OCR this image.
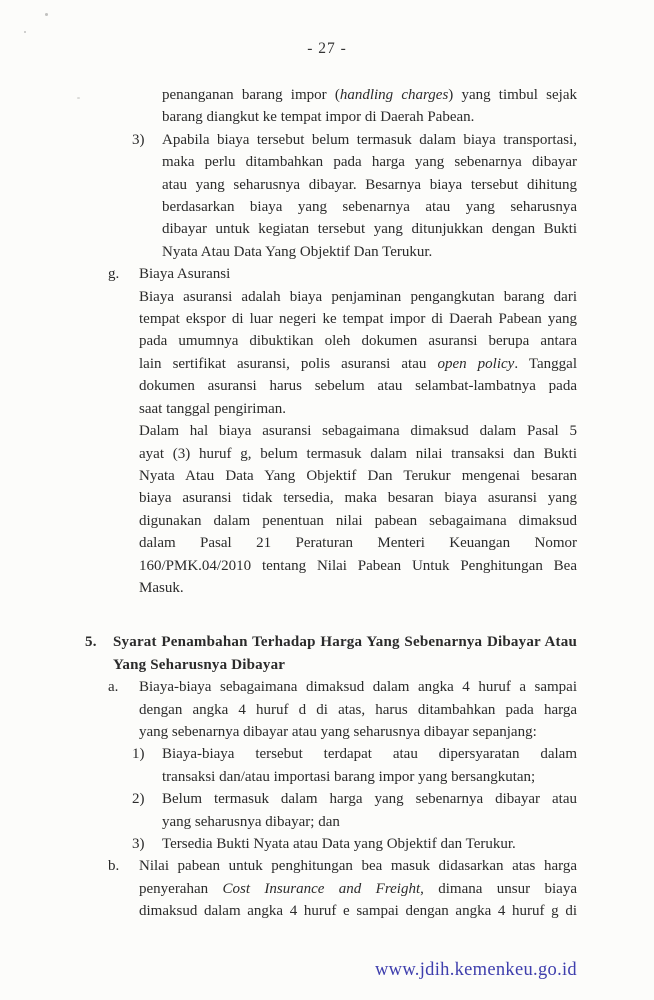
- 27 -
penanganan barang impor (handling charges) yang timbul sejak
barang diangkut ke tempat impor di Daerah Pabean.
3) Apabila biaya tersebut belum termasuk dalam biaya transportasi,
maka perlu ditambahkan pada harga yang sebenarnya dibayar
atau yang seharusnya dibayar. Besarnya biaya tersebut dihitung
berdasarkan biaya yang sebenarnya atau yang seharusnya
dibayar untuk kegiatan tersebut yang ditunjukkan dengan Bukti
Nyata Atau Data Yang Objektif Dan Terukur.
g. Biaya Asuransi
Biaya asuransi adalah biaya penjaminan pengangkutan barang dari
tempat ekspor di luar negeri ke tempat impor di Daerah Pabean yang
pada umumnya dibuktikan oleh dokumen asuransi berupa antara
lain sertifikat asuransi, polis asuransi atau open policy. Tanggal
dokumen asuransi harus sebelum atau selambat-lambatnya pada
saat tanggal pengiriman.
Dalam hal biaya asuransi sebagaimana dimaksud dalam Pasal 5
ayat (3) huruf g, belum termasuk dalam nilai transaksi dan Bukti
Nyata Atau Data Yang Objektif Dan Terukur mengenai besaran
biaya asuransi tidak tersedia, maka besaran biaya asuransi yang
digunakan dalam penentuan nilai pabean sebagaimana dimaksud
dalam Pasal 21 Peraturan Menteri Keuangan Nomor
160/PMK.04/2010 tentang Nilai Pabean Untuk Penghitungan Bea
Masuk.
5. Syarat Penambahan Terhadap Harga Yang Sebenarnya Dibayar Atau
Yang Seharusnya Dibayar
a. Biaya-biaya sebagaimana dimaksud dalam angka 4 huruf a sampai
dengan angka 4 huruf d di atas, harus ditambahkan pada harga
yang sebenarnya dibayar atau yang seharusnya dibayar sepanjang:
1) Biaya-biaya tersebut terdapat atau dipersyaratan dalam
transaksi dan/atau importasi barang impor yang bersangkutan;
2) Belum termasuk dalam harga yang sebenarnya dibayar atau
yang seharusnya dibayar; dan
3) Tersedia Bukti Nyata atau Data yang Objektif dan Terukur.
b. Nilai pabean untuk penghitungan bea masuk didasarkan atas harga
penyerahan Cost Insurance and Freight, dimana unsur biaya
dimaksud dalam angka 4 huruf e sampai dengan angka 4 huruf g di
www.jdih.kemenkeu.go.id
